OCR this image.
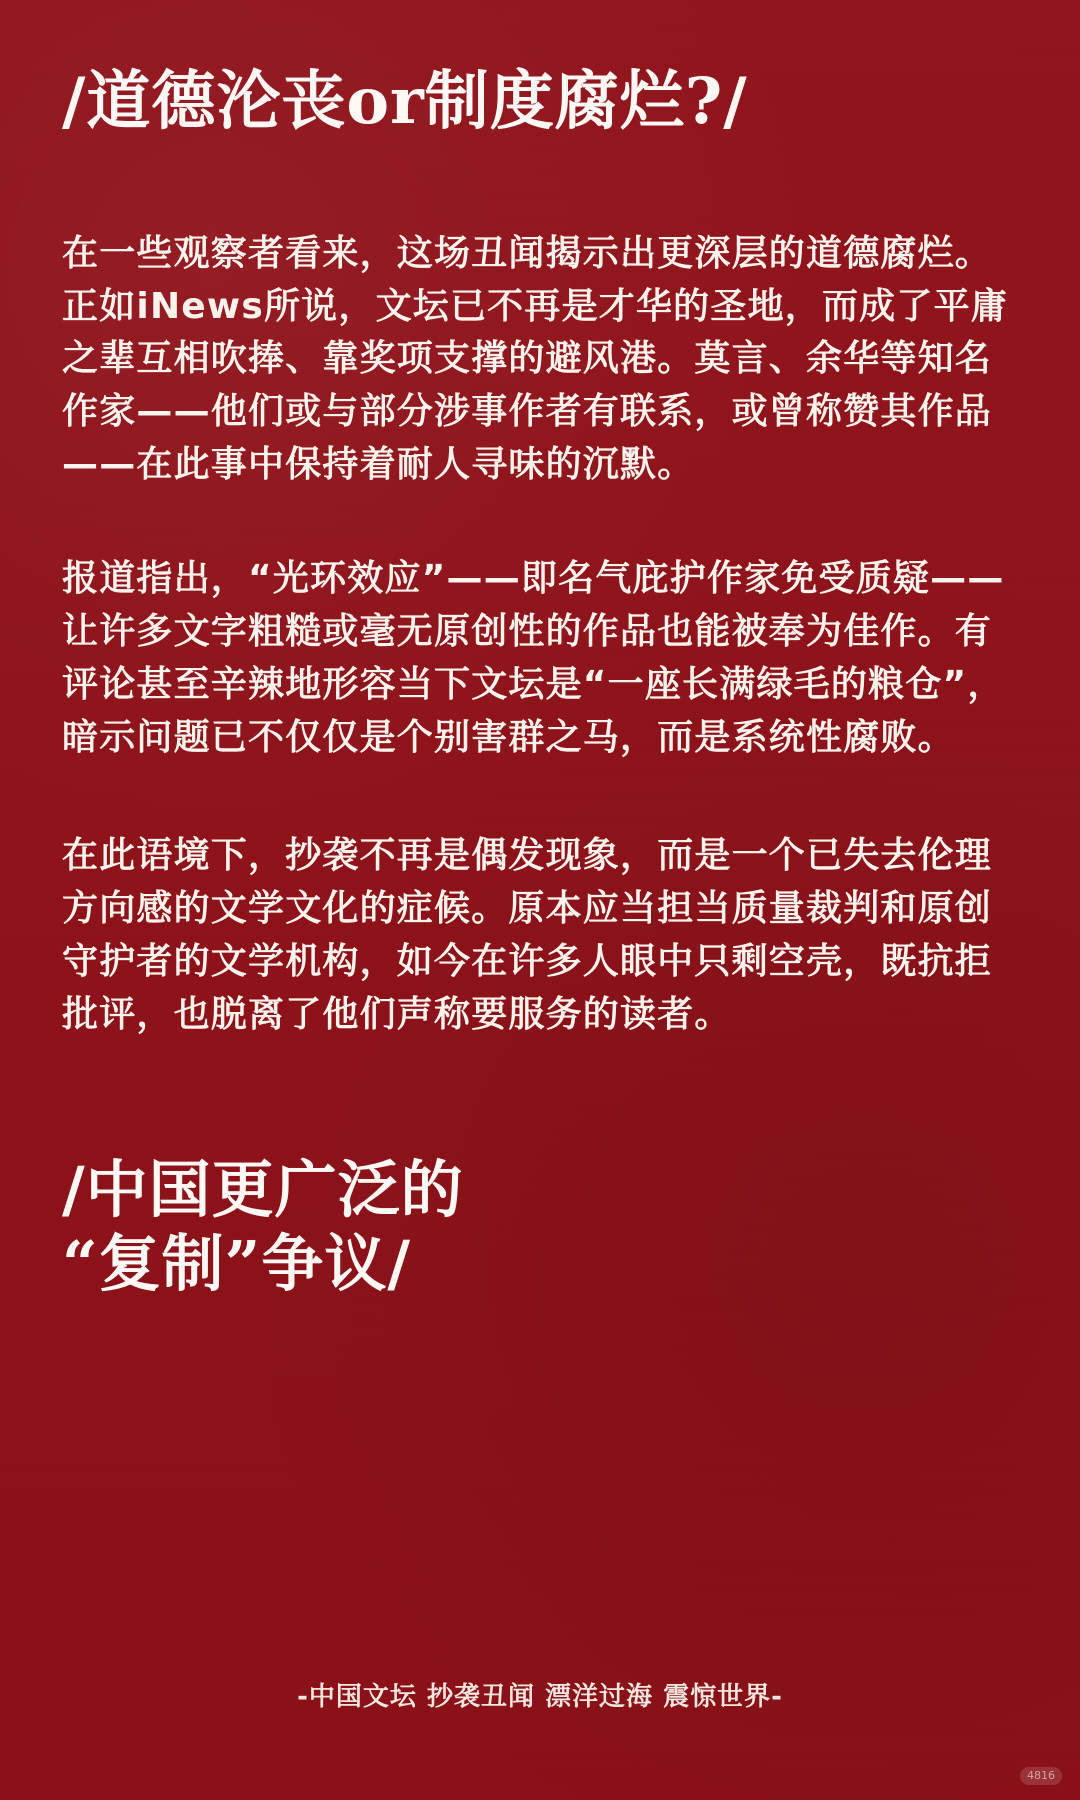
/道德沦丧or制度腐烂?/

在一些观察者看来，这场丑闻揭示出更深层的道德腐烂。正如iNews所说，文坛已不再是才华的圣地，而成了平庸之辈互相吹捧、靠奖项支撑的避风港。莫言、余华等知名作家——他们或与部分涉事作者有联系，或曾称赞其作品——在此事中保持着耐人寻味的沉默。

报道指出，“光环效应”——即名气庇护作家免受质疑——让许多文字粗糙或毫无原创性的作品也能被奉为佳作。有评论甚至辛辣地形容当下文坛是“一座长满绿毛的粮仓”，暗示问题已不仅仅是个别害群之马，而是系统性腐败。

在此语境下，抄袭不再是偶发现象，而是一个已失去伦理方向感的文学文化的症候。原本应当担当质量裁判和原创守护者的文学机构，如今在许多人眼中只剩空壳，既抗拒批评，也脱离了他们声称要服务的读者。

/中国更广泛的
“复制”争议/
-中国文坛 抄袭丑闻 漂洋过海 震惊世界-
4816
